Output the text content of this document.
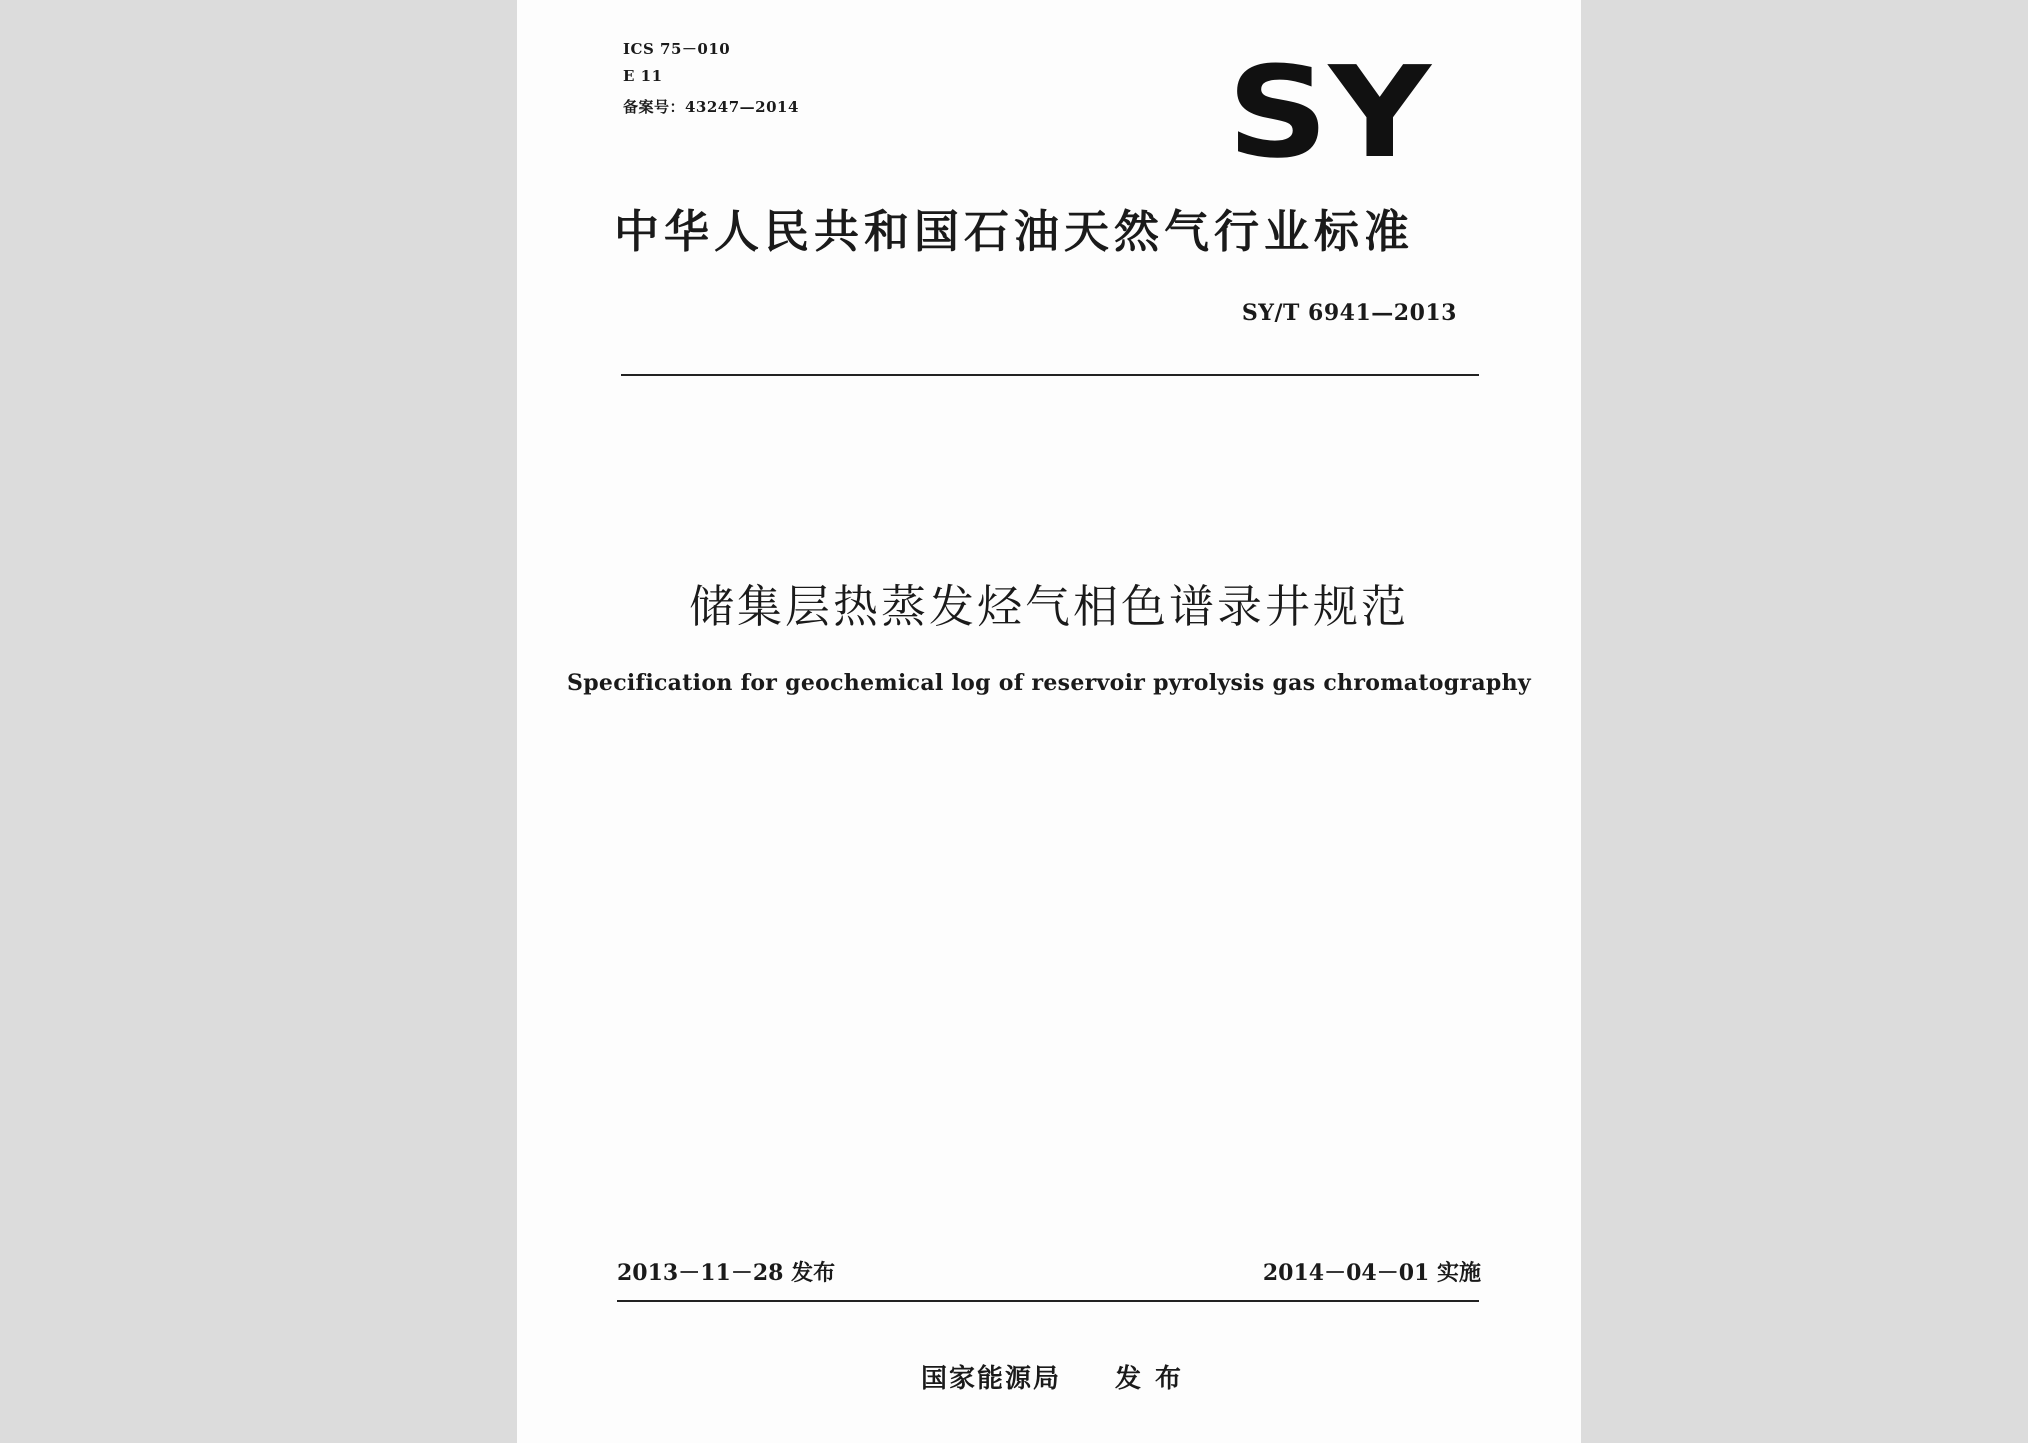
ICS 75－010
E 11
备案号：43247—2014	SY
中华人民共和国石油天然气行业标准
SY/T 6941—2013
储集层热蒸发烃气相色谱录井规范
Specification for geochemical log of reservoir pyrolysis gas chromatography
2013－11－28 发布	2014－04－01 实施
国家能源局 发布
